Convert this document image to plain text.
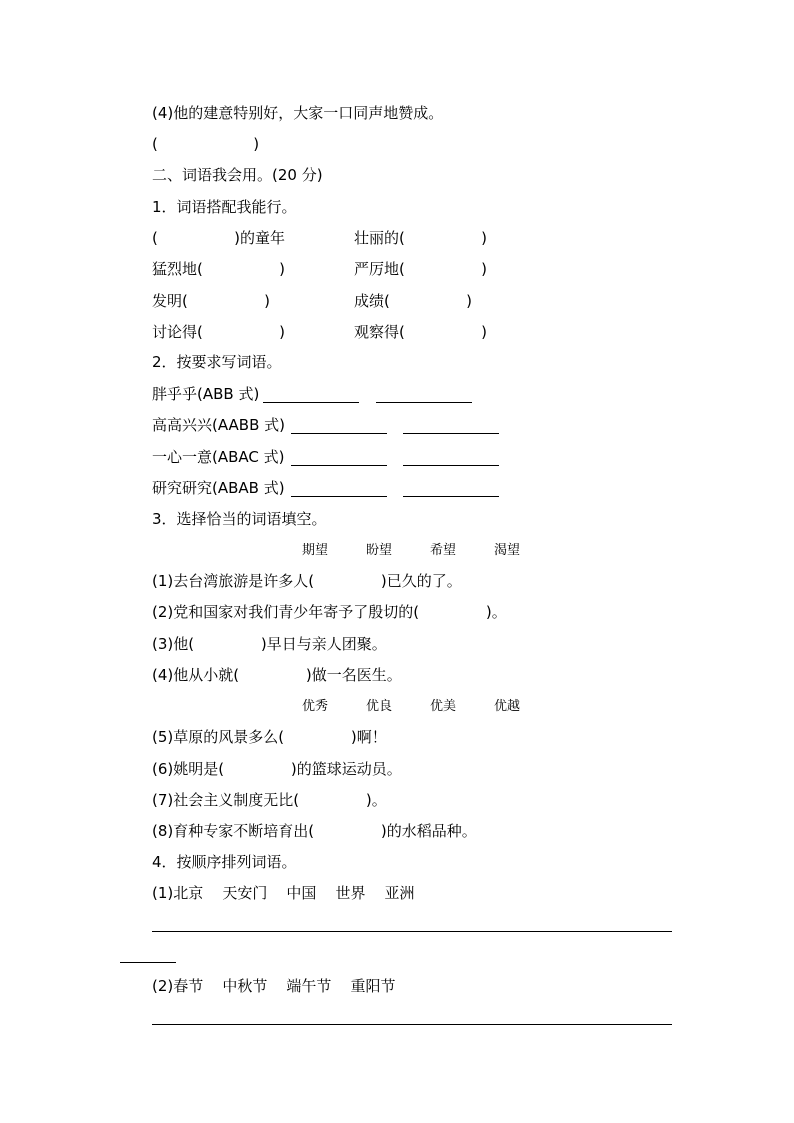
(4)他的建意特别好，大家一口同声地赞成。
(                    )
二、词语我会用。(20 分)
1．词语搭配我能行。
(                )的童年	壮丽的(                )
猛烈地(                )	严厉地(                )
发明(                )	成绩(                )
讨论得(                )	观察得(                )
2．按要求写词语。
胖乎乎(ABB 式)
高高兴兴(AABB 式)
一心一意(ABAC 式)
研究研究(ABAB 式)
3．选择恰当的词语填空。
期望	盼望	希望	渴望
(1)去台湾旅游是许多人(              )已久的了。
(2)党和国家对我们青少年寄予了殷切的(              )。
(3)他(              )早日与亲人团聚。
(4)他从小就(              )做一名医生。
优秀	优良	优美	优越
(5)草原的风景多么(              )啊！
(6)姚明是(              )的篮球运动员。
(7)社会主义制度无比(              )。
(8)育种专家不断培育出(              )的水稻品种。
4．按顺序排列词语。
(1)北京    天安门    中国    世界    亚洲
(2)春节    中秋节    端午节    重阳节
